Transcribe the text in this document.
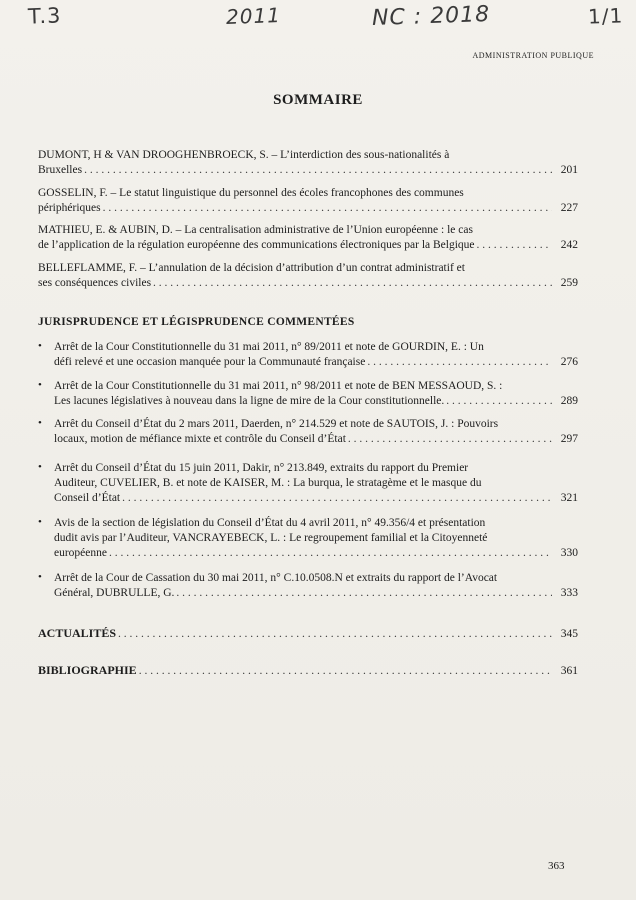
T.3	2011	NC : 2018	1/1
ADMINISTRATION PUBLIQUE
SOMMAIRE
DUMONT, H & VAN DROOGHENBROECK, S. – L’interdiction des sous-nationalités à
Bruxelles . . .	201
GOSSELIN, F. – Le statut linguistique du personnel des écoles francophones des communes
périphériques . . .	227
MATHIEU, E. & AUBIN, D. – La centralisation administrative de l’Union européenne : le cas
de l’application de la régulation européenne des communications électroniques par la Belgique . . .	242
BELLEFLAMME, F. – L’annulation de la décision d’attribution d’un contrat administratif et
ses conséquences civiles . . .	259
JURISPRUDENCE ET LÉGISPRUDENCE COMMENTÉES
• Arrêt de la Cour Constitutionnelle du 31 mai 2011, n° 89/2011 et note de GOURDIN, E. : Un
défi relevé et une occasion manquée pour la Communauté française . . .	276
• Arrêt de la Cour Constitutionnelle du 31 mai 2011, n° 98/2011 et note de BEN MESSAOUD, S. :
Les lacunes législatives à nouveau dans la ligne de mire de la Cour constitutionnelle. . . .	289
• Arrêt du Conseil d’État du 2 mars 2011, Daerden, n° 214.529 et note de SAUTOIS, J. : Pouvoirs
locaux, motion de méfiance mixte et contrôle du Conseil d’État . . .	297
• Arrêt du Conseil d’État du 15 juin 2011, Dakir, n° 213.849, extraits du rapport du Premier
Auditeur, CUVELIER, B. et note de KAISER, M. : La burqua, le stratagème et le masque du
Conseil d’État . . .	321
• Avis de la section de législation du Conseil d’État du 4 avril 2011, n° 49.356/4 et présentation
dudit avis par l’Auditeur, VANCRAYEBECK, L. : Le regroupement familial et la Citoyenneté
européenne . . .	330
• Arrêt de la Cour de Cassation du 30 mai 2011, n° C.10.0508.N et extraits du rapport de l’Avocat
Général, DUBRULLE, G. . . .	333
ACTUALITÉS . . .	345
BIBLIOGRAPHIE . . .	361
363
